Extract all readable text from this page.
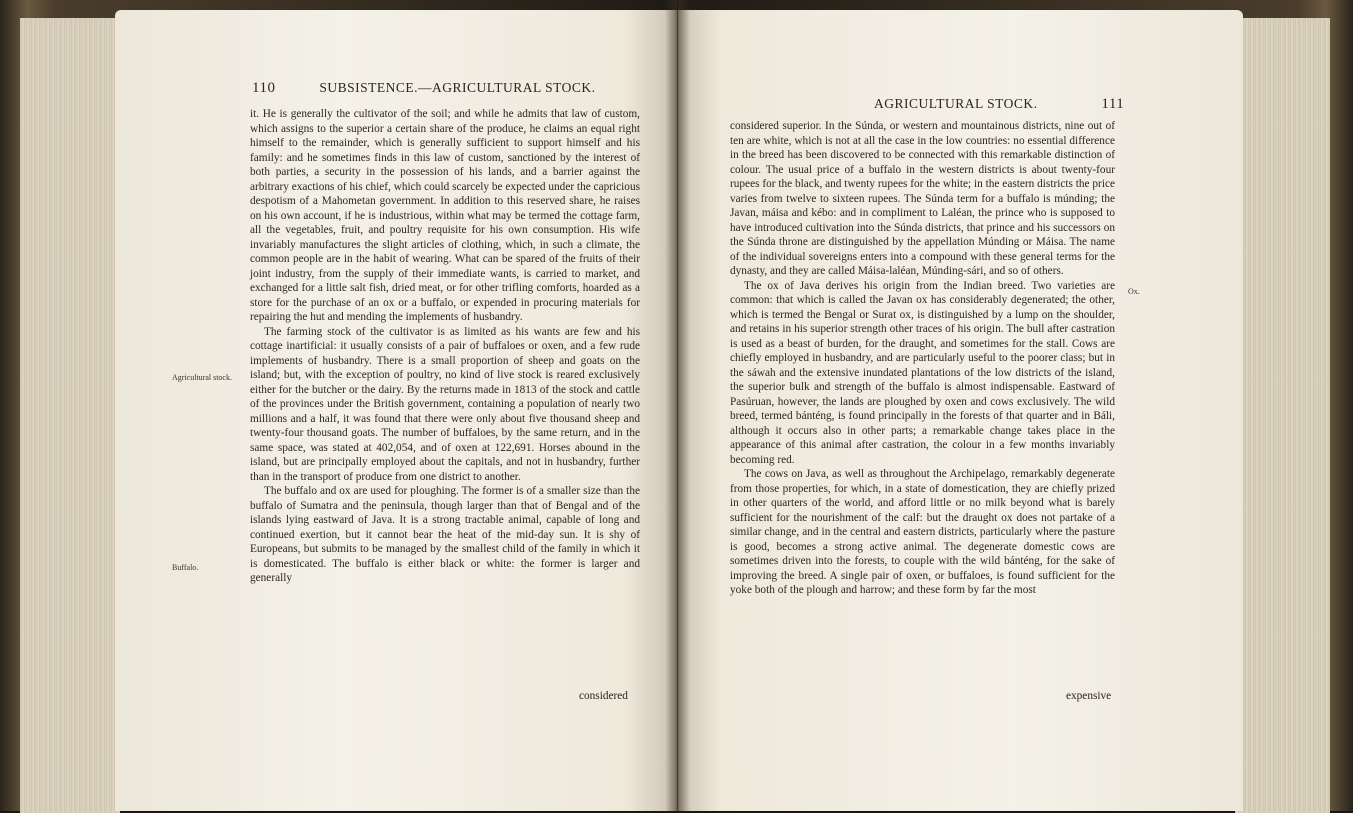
110	SUBSISTENCE.—AGRICULTURAL STOCK.

it. He is generally the cultivator of the soil; and while he admits that law of custom, which assigns to the superior a certain share of the produce, he claims an equal right himself to the remainder, which is generally sufficient to support himself and his family: and he sometimes finds in this law of custom, sanctioned by the interest of both parties, a security in the possession of his lands, and a barrier against the arbitrary exactions of his chief, which could scarcely be expected under the capricious despotism of a Mahometan government. In addition to this reserved share, he raises on his own account, if he is industrious, within what may be termed the cottage farm, all the vegetables, fruit, and poultry requisite for his own consumption. His wife invariably manufactures the slight articles of clothing, which, in such a climate, the common people are in the habit of wearing. What can be spared of the fruits of their joint industry, from the supply of their immediate wants, is carried to market, and exchanged for a little salt fish, dried meat, or for other trifling comforts, hoarded as a store for the purchase of an ox or a buffalo, or expended in procuring materials for repairing the hut and mending the implements of husbandry.

The farming stock of the cultivator is as limited as his wants are few and his cottage inartificial: it usually consists of a pair of buffaloes or oxen, and a few rude implements of husbandry. There is a small proportion of sheep and goats on the island; but, with the exception of poultry, no kind of live stock is reared exclusively either for the butcher or the dairy. By the returns made in 1813 of the stock and cattle of the provinces under the British government, containing a population of nearly two millions and a half, it was found that there were only about five thousand sheep and twenty-four thousand goats. The number of buffaloes, by the same return, and in the same space, was stated at 402,054, and of oxen at 122,691. Horses abound in the island, but are principally employed about the capitals, and not in husbandry, further than in the transport of produce from one district to another.

The buffalo and ox are used for ploughing. The former is of a smaller size than the buffalo of Sumatra and the peninsula, though larger than that of Bengal and of the islands lying eastward of Java. It is a strong tractable animal, capable of long and continued exertion, but it cannot bear the heat of the mid-day sun. It is shy of Europeans, but submits to be managed by the smallest child of the family in which it is domesticated. The buffalo is either black or white: the former is larger and generally

considered
Agricultural stock.
Buffalo.
AGRICULTURAL STOCK.	111

considered superior. In the Súnda, or western and mountainous districts, nine out of ten are white, which is not at all the case in the low countries: no essential difference in the breed has been discovered to be connected with this remarkable distinction of colour. The usual price of a buffalo in the western districts is about twenty-four rupees for the black, and twenty rupees for the white; in the eastern districts the price varies from twelve to sixteen rupees. The Súnda term for a buffalo is múnding; the Javan, máisa and kébo: and in compliment to Laléan, the prince who is supposed to have introduced cultivation into the Súnda districts, that prince and his successors on the Súnda throne are distinguished by the appellation Múnding or Máisa. The name of the individual sovereigns enters into a compound with these general terms for the dynasty, and they are called Máisa-laléan, Múnding-sári, and so of others.

The ox of Java derives his origin from the Indian breed. Two varieties are common: that which is called the Javan ox has considerably degenerated; the other, which is termed the Bengal or Surat ox, is distinguished by a lump on the shoulder, and retains in his superior strength other traces of his origin. The bull after castration is used as a beast of burden, for the draught, and sometimes for the stall. Cows are chiefly employed in husbandry, and are particularly useful to the poorer class; but in the sáwah and the extensive inundated plantations of the low districts of the island, the superior bulk and strength of the buffalo is almost indispensable. Eastward of Pasúruan, however, the lands are ploughed by oxen and cows exclusively. The wild breed, termed bánténg, is found principally in the forests of that quarter and in Báli, although it occurs also in other parts; a remarkable change takes place in the appearance of this animal after castration, the colour in a few months invariably becoming red.

The cows on Java, as well as throughout the Archipelago, remarkably degenerate from those properties, for which, in a state of domestication, they are chiefly prized in other quarters of the world, and afford little or no milk beyond what is barely sufficient for the nourishment of the calf: but the draught ox does not partake of a similar change, and in the central and eastern districts, particularly where the pasture is good, becomes a strong active animal. The degenerate domestic cows are sometimes driven into the forests, to couple with the wild bánténg, for the sake of improving the breed. A single pair of oxen, or buffaloes, is found sufficient for the yoke both of the plough and harrow; and these form by far the most

expensive
Ox.
